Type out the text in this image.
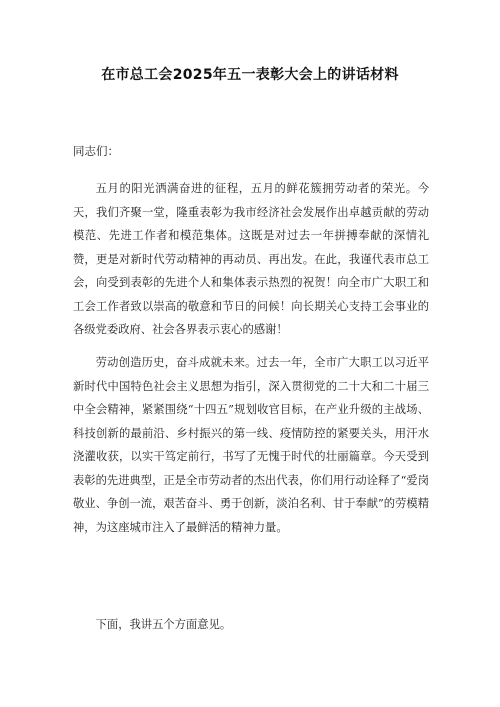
在市总工会2025年五一表彰大会上的讲话材料
同志们：

五月的阳光洒满奋进的征程，五月的鲜花簇拥劳动者的荣光。今天，我们齐聚一堂，隆重表彰为我市经济社会发展作出卓越贡献的劳动模范、先进工作者和模范集体。这既是对过去一年拼搏奉献的深情礼赞，更是对新时代劳动精神的再动员、再出发。在此，我谨代表市总工会，向受到表彰的先进个人和集体表示热烈的祝贺！向全市广大职工和工会工作者致以崇高的敬意和节日的问候！向长期关心支持工会事业的各级党委政府、社会各界表示衷心的感谢！

劳动创造历史，奋斗成就未来。过去一年，全市广大职工以习近平新时代中国特色社会主义思想为指引，深入贯彻党的二十大和二十届三中全会精神，紧紧围绕“十四五”规划收官目标，在产业升级的主战场、科技创新的最前沿、乡村振兴的第一线、疫情防控的紧要关头，用汗水浇灌收获，以实干笃定前行，书写了无愧于时代的壮丽篇章。今天受到表彰的先进典型，正是全市劳动者的杰出代表，你们用行动诠释了“爱岗敬业、争创一流，艰苦奋斗、勇于创新，淡泊名利、甘于奉献”的劳模精神，为这座城市注入了最鲜活的精神力量。

下面，我讲五个方面意见。
